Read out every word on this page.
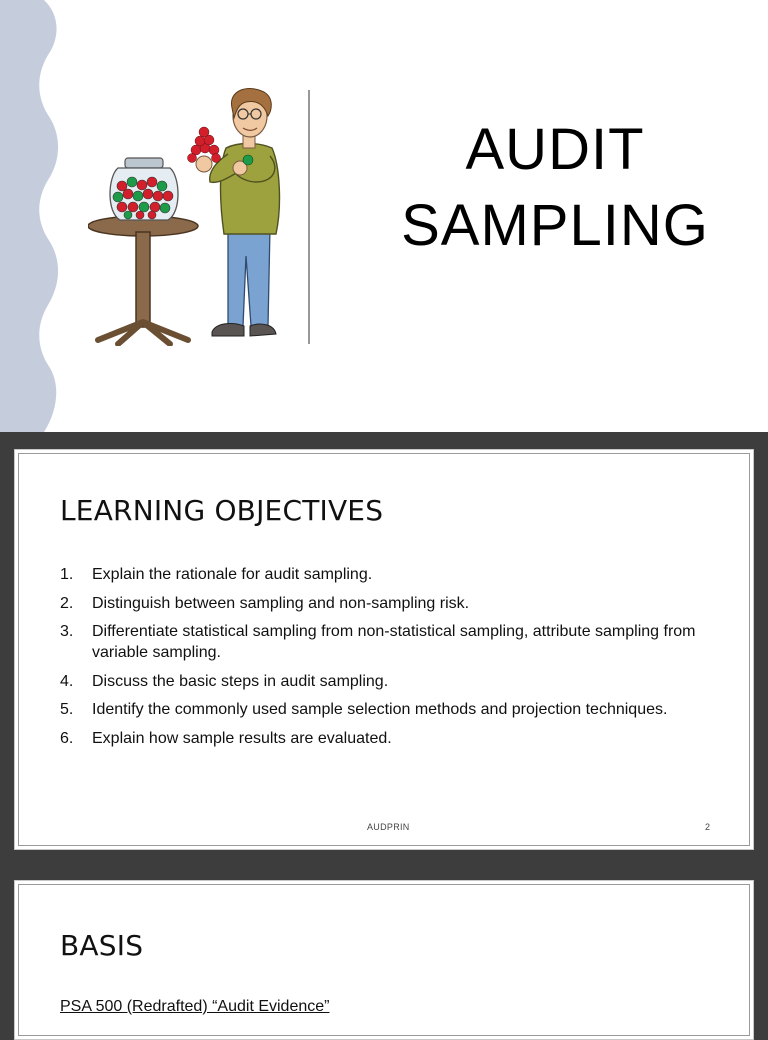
AUDIT
SAMPLING
LEARNING OBJECTIVES
1.	Explain the rationale for audit sampling.
2.	Distinguish between sampling and non-sampling risk.
3.	Differentiate statistical sampling from non-statistical sampling, attribute sampling from variable sampling.
4.	Discuss the basic steps in audit sampling.
5.	Identify the commonly used sample selection methods and projection techniques.
6.	Explain how sample results are evaluated.
AUDPRIN	2
BASIS
PSA 500 (Redrafted) “Audit Evidence”
